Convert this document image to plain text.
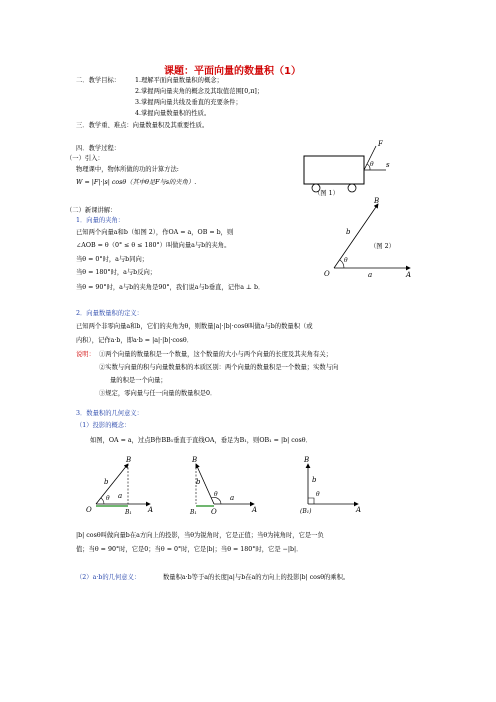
课题：平面向量的数量积（1）
二．教学目标： 1.理解平面向量数量积的概念；
2.掌握两向量夹角的概念及其取值范围[0,π]；
3.掌握两向量共线及垂直的充要条件；
4.掌握向量数量积的性质。
三．教学重、难点：向量数量积及其重要性质。
四．教学过程：
（一）引入：
物理课中，物体所做的功的计算方法:
W = |F|·|s| cosθ（其中θ是F与s的夹角）.
F
s
θ
（图 1）
（二）新课讲解：
1．向量的夹角：
已知两个向量a和b（如图 2），作OA = a，OB = b，则
∠AOB = θ（0° ≤ θ ≤ 180°）叫做向量a与b的夹角。
当θ = 0°时，a与b同向；
当θ = 180°时，a与b反向；
当θ = 90°时，a与b的夹角是90°，我们说a与b垂直，记作a ⊥ b．
B
b
θ
O	a	A
（图 2）
2．向量数量积的定义：
已知两个非零向量a和b，它们的夹角为θ，则数量|a|·|b|·cosθ叫做a与b的数量积（或
内积），记作a·b，即a·b = |a|·|b|·cosθ．
说明： ①两个向量的数量积是一个数量，这个数量的大小与两个向量的长度及其夹角有关；
②实数与向量的积与向量数量积的本质区别：两个向量的数量积是一个数量；实数与向
量的积是一个向量；
③规定，零向量与任一向量的数量积是0．
3．数量积的几何意义：
（1）投影的概念：
如图，OA = a，过点B作BB₁垂直于直线OA，垂足为B₁，则OB₁ = |b| cosθ．
B
b
θ a
O	B₁ A
B
b
θ a
B₁ O	A
B
b
θ
(B₁)	A
|b| cosθ叫做向量b在a方向上的投影，当θ为锐角时，它是正值；当θ为钝角时，它是一负
值；当θ = 90°时，它是0；当θ = 0°时，它是|b|；当θ = 180°时，它是 −|b|．
（2）a·b的几何意义：	数量积a·b等于a的长度|a|与b在a的方向上的投影|b| cosθ的乘积。
